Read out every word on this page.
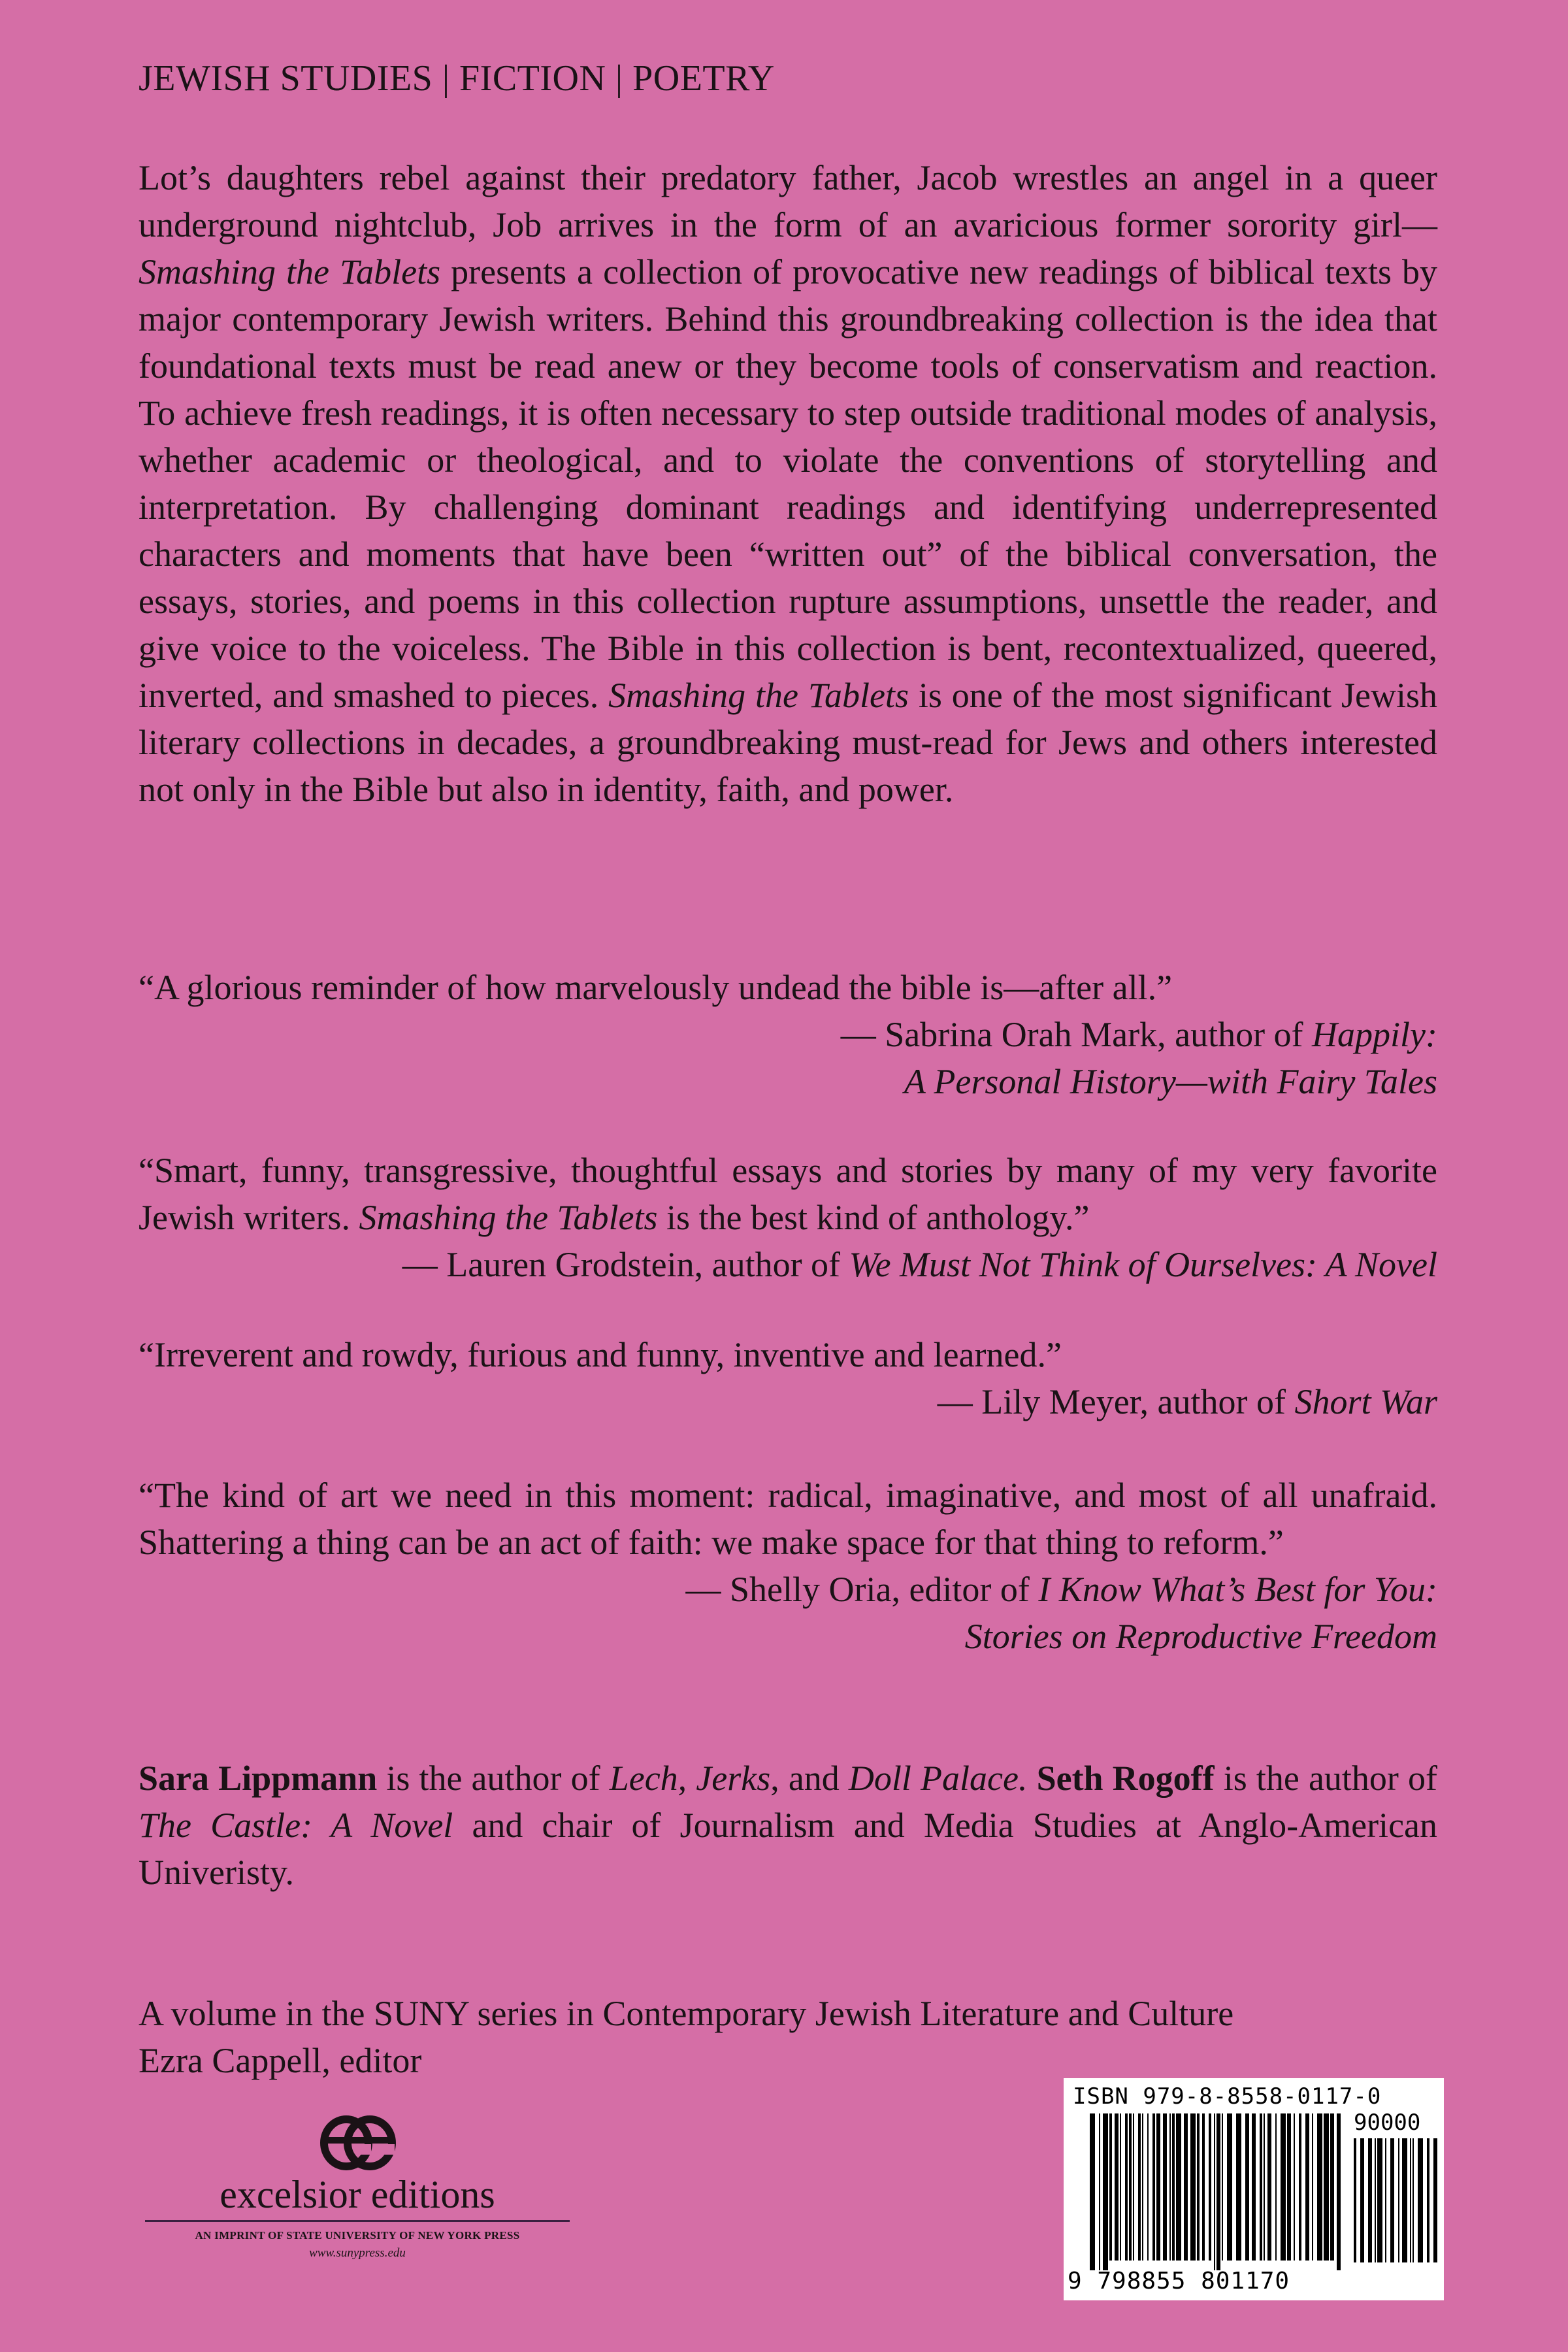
JEWISH STUDIES | FICTION | POETRY

Lot’s daughters rebel against their predatory father, Jacob wrestles an angel in a queer underground nightclub, Job arrives in the form of an avaricious former sorority girl—Smashing the Tablets presents a collection of provocative new readings of biblical texts by major contemporary Jewish writers. Behind this groundbreaking collection is the idea that foundational texts must be read anew or they become tools of conservatism and reaction. To achieve fresh readings, it is often necessary to step outside traditional modes of analysis, whether academic or theological, and to violate the conventions of storytelling and interpretation. By challenging dominant readings and identifying underrepresented characters and moments that have been “written out” of the biblical conversation, the essays, stories, and poems in this collection rupture assumptions, unsettle the reader, and give voice to the voiceless. The Bible in this collection is bent, recontextualized, queered, inverted, and smashed to pieces. Smashing the Tablets is one of the most significant Jewish literary collections in decades, a groundbreaking must-read for Jews and others interested not only in the Bible but also in identity, faith, and power.

“A glorious reminder of how marvelously undead the bible is—after all.”

— Sabrina Orah Mark, author of Happily:

A Personal History—with Fairy Tales

“Smart, funny, transgressive, thoughtful essays and stories by many of my very favorite Jewish writers. Smashing the Tablets is the best kind of anthology.”

— Lauren Grodstein, author of We Must Not Think of Ourselves: A Novel

“Irreverent and rowdy, furious and funny, inventive and learned.”

— Lily Meyer, author of Short War

“The kind of art we need in this moment: radical, imaginative, and most of all unafraid. Shattering a thing can be an act of faith: we make space for that thing to reform.”

— Shelly Oria, editor of I Know What’s Best for You:

Stories on Reproductive Freedom

Sara Lippmann is the author of Lech, Jerks, and Doll Palace. Seth Rogoff is the author of The Castle: A Novel and chair of Journalism and Media Studies at Anglo-American Univeristy.

A volume in the SUNY series in Contemporary Jewish Literature and Culture
Ezra Cappell, editor
excelsior editions
AN IMPRINT OF STATE UNIVERSITY OF NEW YORK PRESS
www.sunypress.edu
ISBN 979-8-8558-0117-0
90000
9 798855 801170
